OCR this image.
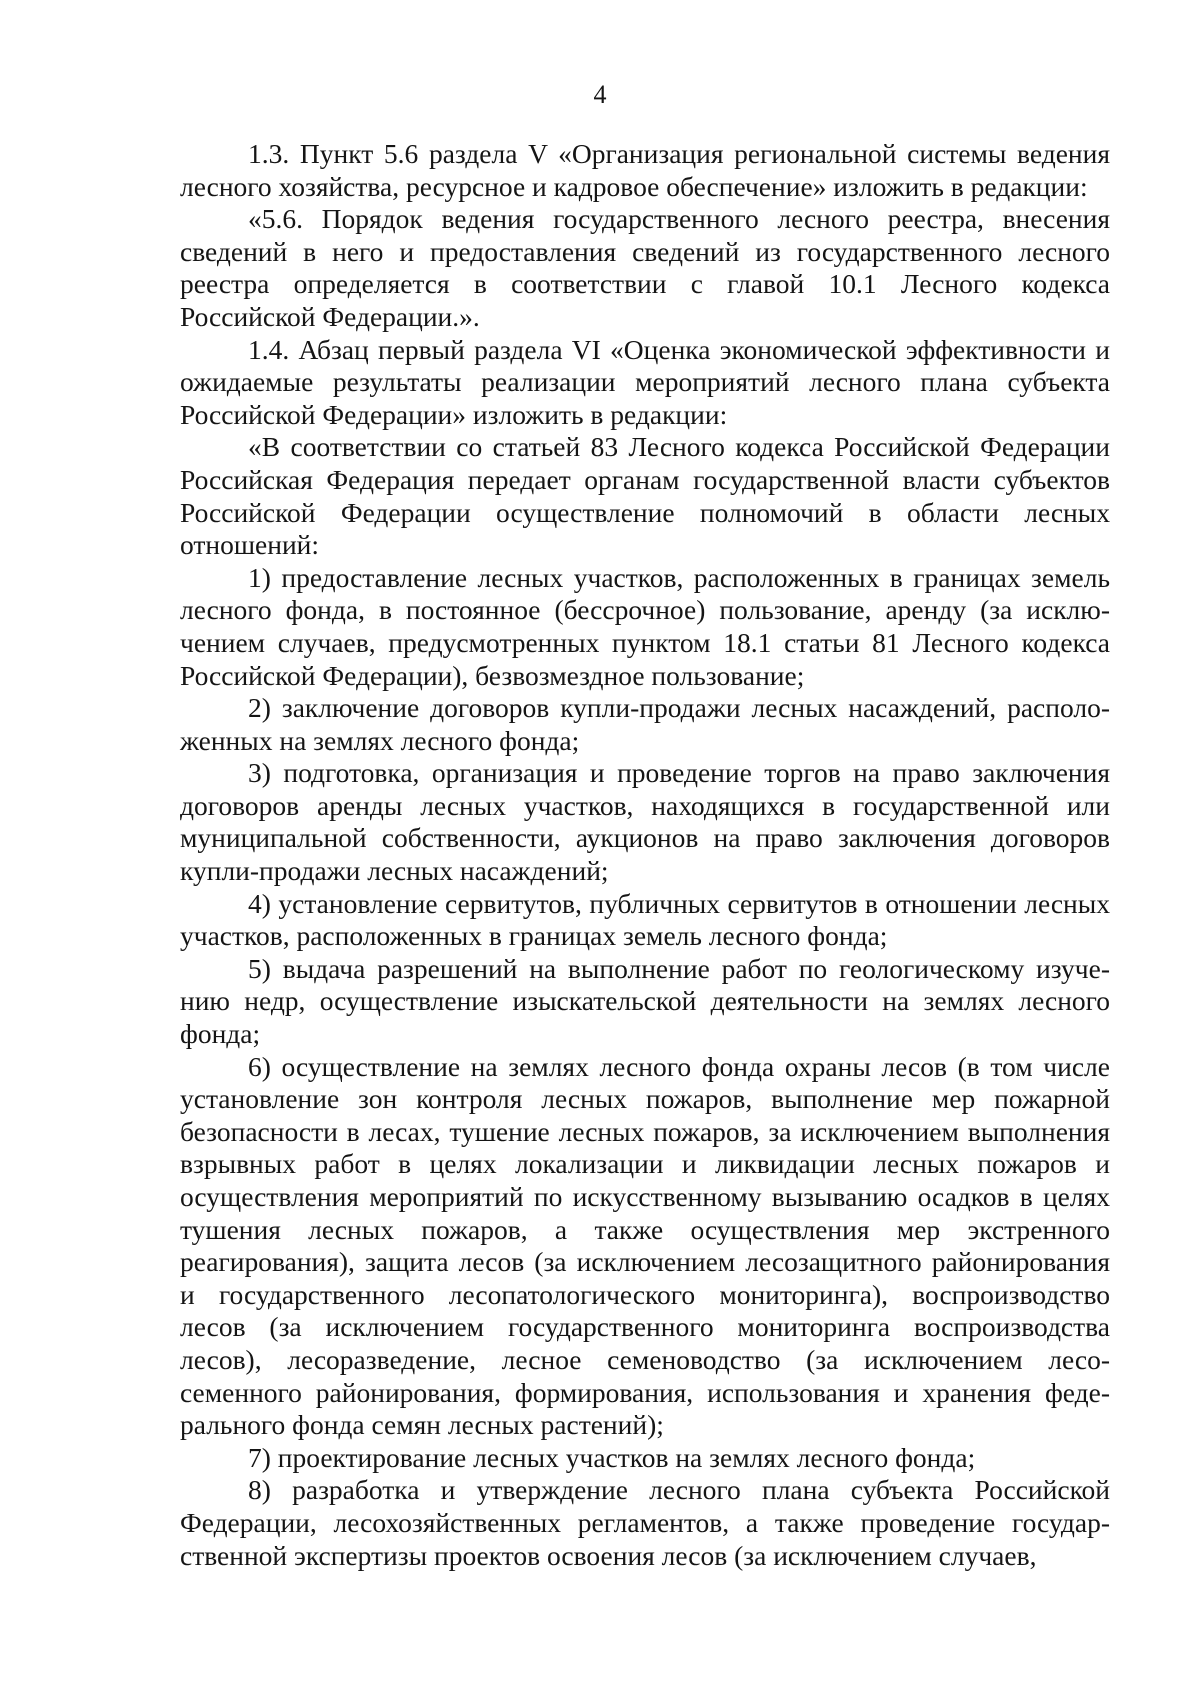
4

1.3. Пункт 5.6 раздела V «Организация региональной системы ведения лесного хозяйства, ресурсное и кадровое обеспечение» изложить в редакции:

«5.6. Порядок ведения государственного лесного реестра, внесения сведений в него и предоставления сведений из государственного лесного реестра определяется в соответствии с главой 10.1 Лесного кодекса Российской Федерации.».

1.4. Абзац первый раздела VI «Оценка экономической эффективности и ожидаемые результаты реализации мероприятий лесного плана субъекта Российской Федерации» изложить в редакции:

«В соответствии со статьей 83 Лесного кодекса Российской Федерации Российская Федерация передает органам государственной власти субъектов Российской Федерации осуществление полномочий в области лесных отношений:

1) предоставление лесных участков, расположенных в границах земель лесного фонда, в постоянное (бессрочное) пользование, аренду (за исключением случаев, предусмотренных пунктом 18.1 статьи 81 Лесного кодекса Российской Федерации), безвозмездное пользование;

2) заключение договоров купли-продажи лесных насаждений, расположенных на землях лесного фонда;

3) подготовка, организация и проведение торгов на право заключения договоров аренды лесных участков, находящихся в государственной или муниципальной собственности, аукционов на право заключения договоров купли-продажи лесных насаждений;

4) установление сервитутов, публичных сервитутов в отношении лесных участков, расположенных в границах земель лесного фонда;

5) выдача разрешений на выполнение работ по геологическому изучению недр, осуществление изыскательской деятельности на землях лесного фонда;

6) осуществление на землях лесного фонда охраны лесов (в том числе установление зон контроля лесных пожаров, выполнение мер пожарной безопасности в лесах, тушение лесных пожаров, за исключением выполнения взрывных работ в целях локализации и ликвидации лесных пожаров и осуществления мероприятий по искусственному вызыванию осадков в целях тушения лесных пожаров, а также осуществления мер экстренного реагирования), защита лесов (за исключением лесозащитного районирования и государственного лесопатологического мониторинга), воспроизводство лесов (за исключением государственного мониторинга воспроизводства лесов), лесоразведение, лесное семеноводство (за исключением лесосеменного районирования, формирования, использования и хранения федерального фонда семян лесных растений);

7) проектирование лесных участков на землях лесного фонда;

8) разработка и утверждение лесного плана субъекта Российской Федерации, лесохозяйственных регламентов, а также проведение государственной экспертизы проектов освоения лесов (за исключением случаев,
